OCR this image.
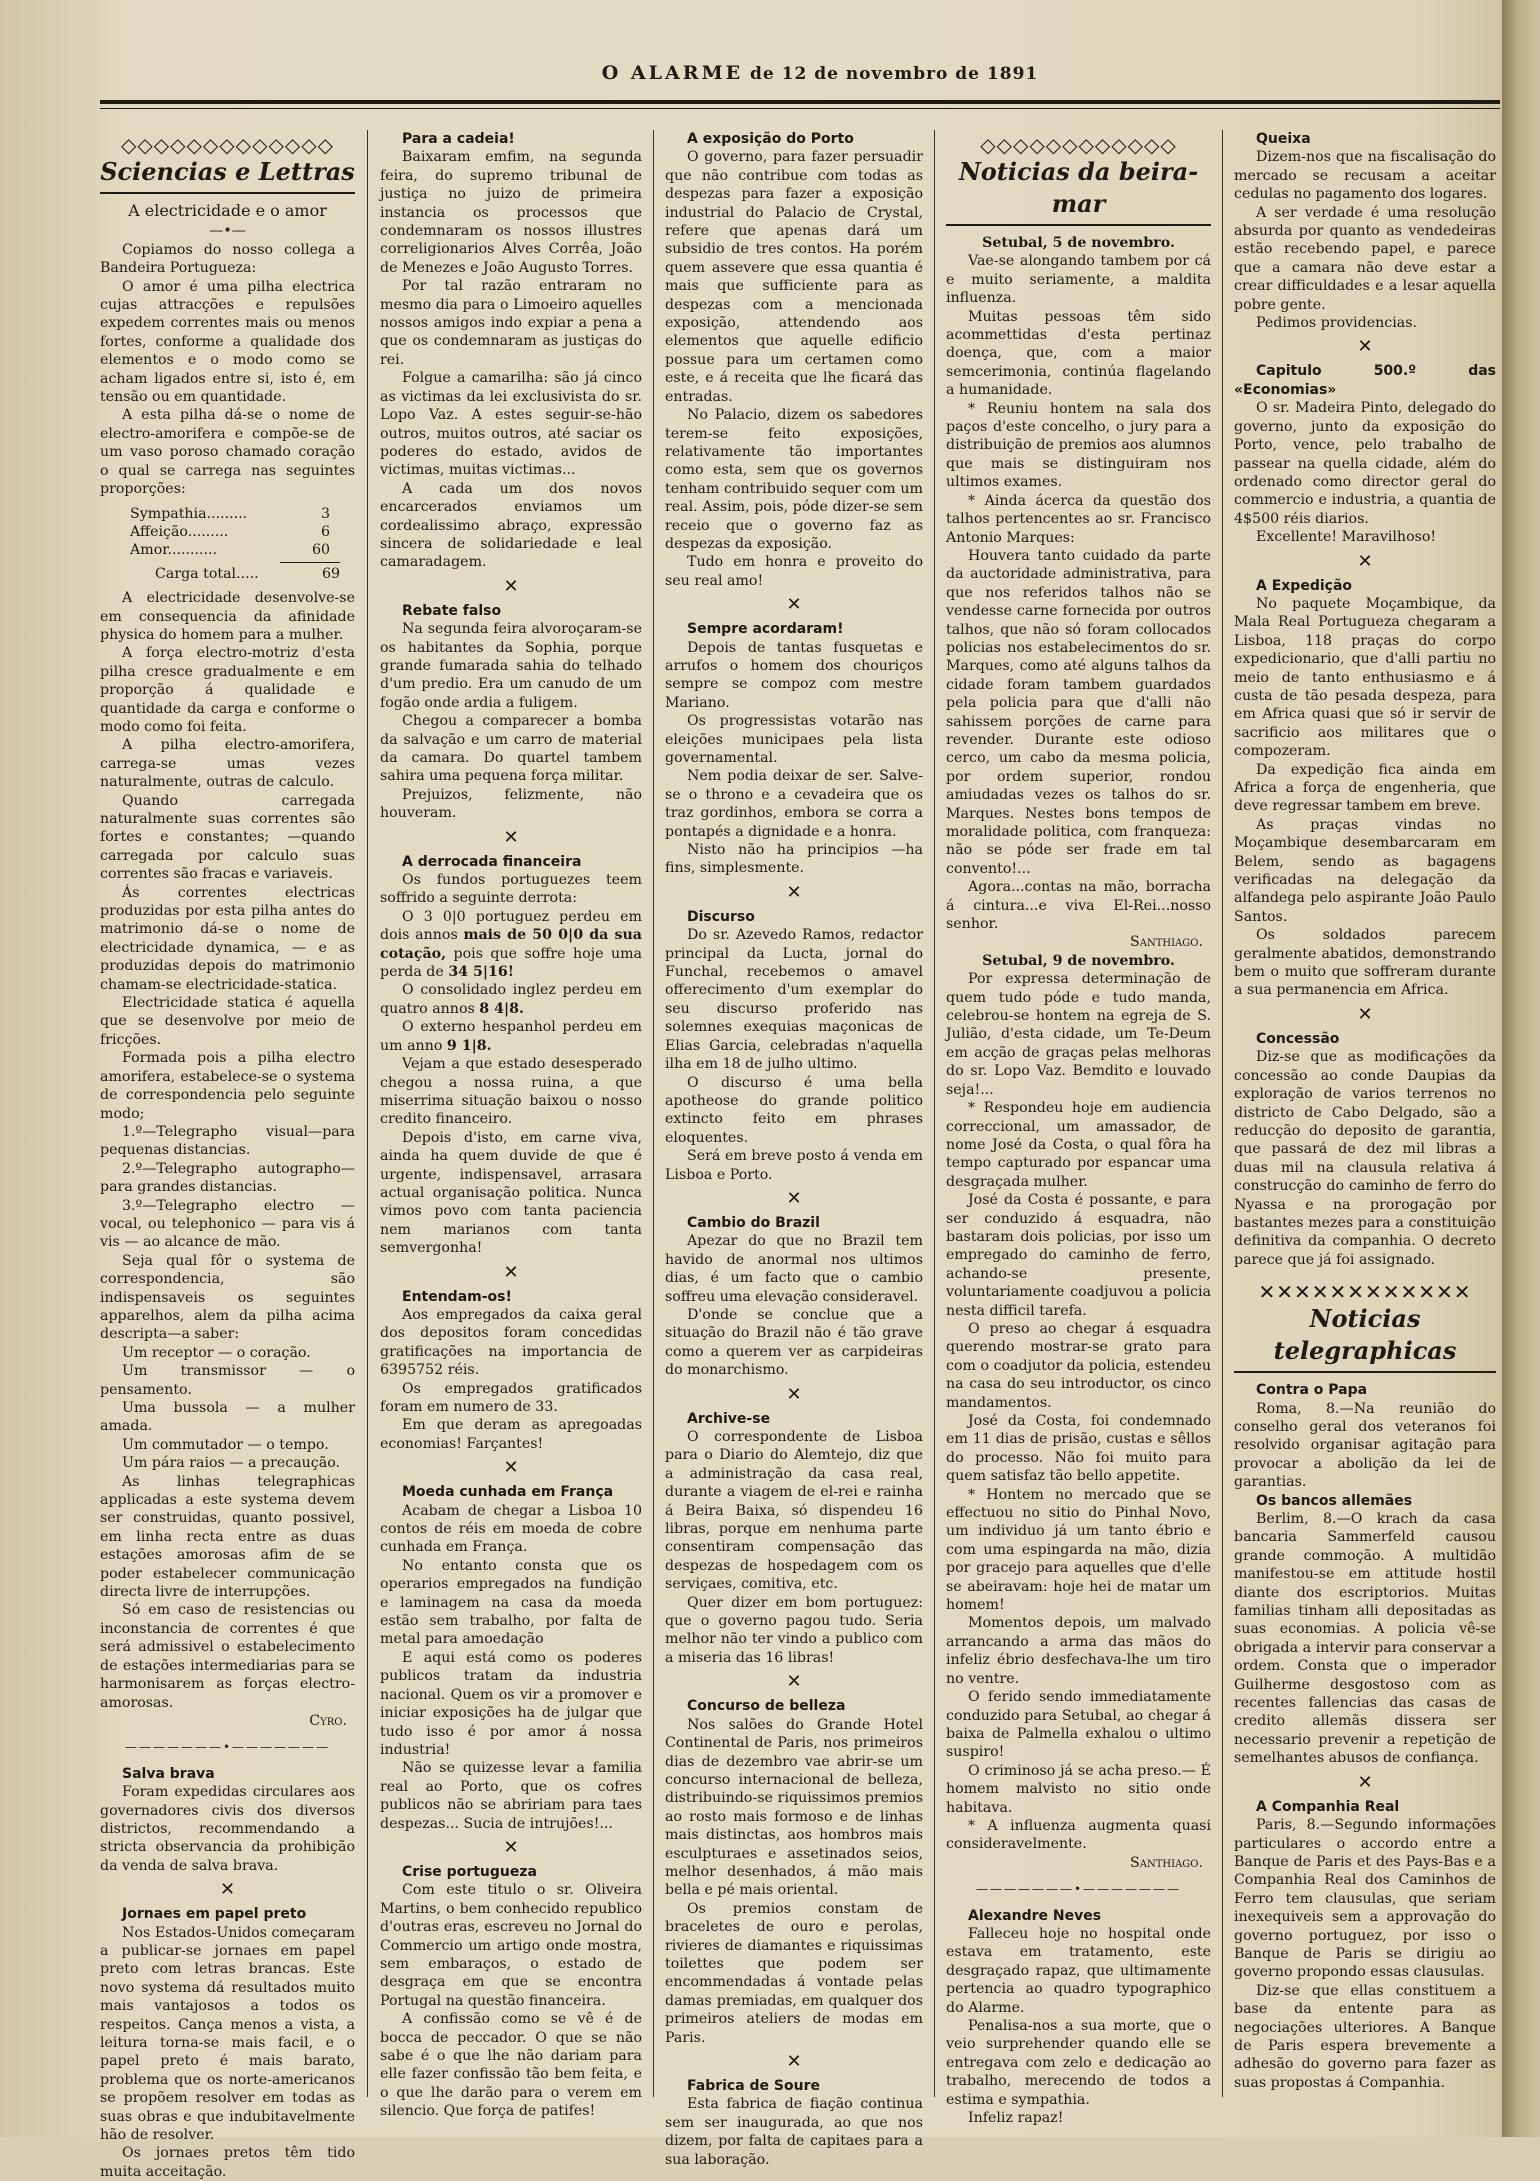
O ALARME de 12 de novembro de 1891
◇◇◇◇◇◇◇◇◇◇◇◇◇
Sciencias e Lettras
A electricidade e o amor
—•—

Copiamos do nosso collega a Bandeira Portugueza:

O amor é uma pilha electrica cujas attracções e repulsões expedem correntes mais ou menos fortes, conforme a qualidade dos elementos e o modo como se acham ligados entre si, isto é, em tensão ou em quantidade.

A esta pilha dá-se o nome de electro-amorifera e compõe-se de um vaso poroso chamado coração o qual se carrega nas seguintes proporções:

Sympathia.........	3
Affeição.........	6
Amor...........	60
Carga total.....	69

A electricidade desenvolve-se em consequencia da afinidade physica do homem para a mulher.

A força electro-motriz d'esta pilha cresce gradualmente e em proporção á qualidade e quantidade da carga e conforme o modo como foi feita.

A pilha electro-amorifera, carrega-se umas vezes naturalmente, outras de calculo.

Quando carregada naturalmente suas correntes são fortes e constantes; —quando carregada por calculo suas correntes são fracas e variaveis.

Ás correntes electricas produzidas por esta pilha antes do matrimonio dá-se o nome de electricidade dynamica, — e as produzidas depois do matrimonio chamam-se electricidade-statica.

Electricidade statica é aquella que se desenvolve por meio de fricções.

Formada pois a pilha electro amorifera, estabelece-se o systema de correspondencia pelo seguinte modo;

1.º—Telegrapho visual—para pequenas distancias.

2.º—Telegrapho autographo—para grandes distancias.

3.º—Telegrapho electro — vocal, ou telephonico — para vis á vis — ao alcance de mão.

Seja qual fôr o systema de correspondencia, são indispensaveis os seguintes apparelhos, alem da pilha acima descripta—a saber:

Um receptor — o coração.

Um transmissor — o pensamento.

Uma bussola — a mulher amada.

Um commutador — o tempo.

Um pára raios — a precaução.

As linhas telegraphicas applicadas a este systema devem ser construidas, quanto possivel, em linha recta entre as duas estações amorosas afim de se poder estabelecer communicação directa livre de interrupções.

Só em caso de resistencias ou inconstancia de correntes é que será admissivel o estabelecimento de estações intermediarias para se harmonisarem as forças electro-amorosas.

Cyro.

———————•———————

Salva brava

Foram expedidas circulares aos governadores civis dos diversos districtos, recommendando a stricta observancia da prohibição da venda de salva brava.

✕

Jornaes em papel preto

Nos Estados-Unidos começaram a publicar-se jornaes em papel preto com letras brancas. Este novo systema dá resultados muito mais vantajosos a todos os respeitos. Cança menos a vista, a leitura torna-se mais facil, e o papel preto é mais barato, problema que os norte-americanos se propõem resolver em todas as suas obras e que indubitavelmente hão de resolver.

Os jornaes pretos têm tido muita acceitação.

Para a cadeia!

Baixaram emfim, na segunda feira, do supremo tribunal de justiça no juizo de primeira instancia os processos que condemnaram os nossos illustres correligionarios Alves Corrêa, João de Menezes e João Augusto Torres.

Por tal razão entraram no mesmo dia para o Limoeiro aquelles nossos amigos indo expiar a pena a que os condemnaram as justiças do rei.

Folgue a camarilha: são já cinco as victimas da lei exclusivista do sr. Lopo Vaz. A estes seguir-se-hão outros, muitos outros, até saciar os poderes do estado, avidos de victimas, muitas victimas...

A cada um dos novos encarcerados enviamos um cordealissimo abraço, expressão sincera de solidariedade e leal camaradagem.

✕

Rebate falso

Na segunda feira alvoroçaram-se os habitantes da Sophia, porque grande fumarada sahia do telhado d'um predio. Era um canudo de um fogão onde ardia a fuligem.

Chegou a comparecer a bomba da salvação e um carro de material da camara. Do quartel tambem sahira uma pequena força militar.

Prejuizos, felizmente, não houveram.

✕

A derrocada financeira

Os fundos portuguezes teem soffrido a seguinte derrota:

O 3 0|0 portuguez perdeu em dois annos mais de 50 0|0 da sua cotação, pois que soffre hoje uma perda de 34 5|16!

O consolidado inglez perdeu em quatro annos 8 4|8.

O externo hespanhol perdeu em um anno 9 1|8.

Vejam a que estado desesperado chegou a nossa ruina, a que miserrima situação baixou o nosso credito financeiro.

Depois d'isto, em carne viva, ainda ha quem duvide de que é urgente, indispensavel, arrasara actual organisação politica. Nunca vimos povo com tanta paciencia nem marianos com tanta semvergonha!

✕

Entendam-os!

Aos empregados da caixa geral dos depositos foram concedidas gratificações na importancia de 6395752 réis.

Os empregados gratificados foram em numero de 33.

Em que deram as apregoadas economias! Farçantes!

✕

Moeda cunhada em França

Acabam de chegar a Lisboa 10 contos de réis em moeda de cobre cunhada em França.

No entanto consta que os operarios empregados na fundição e laminagem na casa da moeda estão sem trabalho, por falta de metal para amoedação

E aqui está como os poderes publicos tratam da industria nacional. Quem os vir a promover e iniciar exposições ha de julgar que tudo isso é por amor á nossa industria!

Não se quizesse levar a familia real ao Porto, que os cofres publicos não se abririam para taes despezas... Sucia de intrujões!...

✕

Crise portugueza

Com este titulo o sr. Oliveira Martins, o bem conhecido republico d'outras eras, escreveu no Jornal do Commercio um artigo onde mostra, sem embaraços, o estado de desgraça em que se encontra Portugal na questão financeira.

A confissão como se vê é de bocca de peccador. O que se não sabe é o que lhe não dariam para elle fazer confissão tão bem feita, e o que lhe darão para o verem em silencio. Que força de patifes!

A exposição do Porto

O governo, para fazer persuadir que não contribue com todas as despezas para fazer a exposição industrial do Palacio de Crystal, refere que apenas dará um subsidio de tres contos. Ha porém quem assevere que essa quantia é mais que sufficiente para as despezas com a mencionada exposição, attendendo aos elementos que aquelle edificio possue para um certamen como este, e á receita que lhe ficará das entradas.

No Palacio, dizem os sabedores terem-se feito exposições, relativamente tão importantes como esta, sem que os governos tenham contribuido sequer com um real. Assim, pois, póde dizer-se sem receio que o governo faz as despezas da exposição.

Tudo em honra e proveito do seu real amo!

✕

Sempre acordaram!

Depois de tantas fusquetas e arrufos o homem dos chouriços sempre se compoz com mestre Mariano.

Os progressistas votarão nas eleições municipaes pela lista governamental.

Nem podia deixar de ser. Salve-se o throno e a cevadeira que os traz gordinhos, embora se corra a pontapés a dignidade e a honra.

Nisto não ha principios —ha fins, simplesmente.

✕

Discurso

Do sr. Azevedo Ramos, redactor principal da Lucta, jornal do Funchal, recebemos o amavel offerecimento d'um exemplar do seu discurso proferido nas solemnes exequias maçonicas de Elias Garcia, celebradas n'aquella ilha em 18 de julho ultimo.

O discurso é uma bella apotheose do grande politico extincto feito em phrases eloquentes.

Será em breve posto á venda em Lisboa e Porto.

✕

Cambio do Brazil

Apezar do que no Brazil tem havido de anormal nos ultimos dias, é um facto que o cambio soffreu uma elevação consideravel.

D'onde se conclue que a situação do Brazil não é tão grave como a querem ver as carpideiras do monarchismo.

✕

Archive-se

O correspondente de Lisboa para o Diario do Alemtejo, diz que a administração da casa real, durante a viagem de el-rei e rainha á Beira Baixa, só dispendeu 16 libras, porque em nenhuma parte consentiram compensação das despezas de hospedagem com os serviçaes, comitiva, etc.

Quer dizer em bom portuguez: que o governo pagou tudo. Seria melhor não ter vindo a publico com a miseria das 16 libras!

✕

Concurso de belleza

Nos salões do Grande Hotel Continental de Paris, nos primeiros dias de dezembro vae abrir-se um concurso internacional de belleza, distribuindo-se riquissimos premios ao rosto mais formoso e de linhas mais distinctas, aos hombros mais esculpturaes e assetinados seios, melhor desenhados, á mão mais bella e pé mais oriental.

Os premios constam de braceletes de ouro e perolas, rivieres de diamantes e riquissimas toilettes que podem ser encommendadas á vontade pelas damas premiadas, em qualquer dos primeiros ateliers de modas em Paris.

✕

Fabrica de Soure

Esta fabrica de fiação continua sem ser inaugurada, ao que nos dizem, por falta de capitaes para a sua laboração.

◇◇◇◇◇◇◇◇◇◇◇◇
Noticias da beira-mar

Setubal, 5 de novembro.

Vae-se alongando tambem por cá e muito seriamente, a maldita influenza.

Muitas pessoas têm sido acommettidas d'esta pertinaz doença, que, com a maior semcerimonia, continúa flagelando a humanidade.

* Reuniu hontem na sala dos paços d'este concelho, o jury para a distribuição de premios aos alumnos que mais se distinguiram nos ultimos exames.

* Ainda ácerca da questão dos talhos pertencentes ao sr. Francisco Antonio Marques:

Houvera tanto cuidado da parte da auctoridade administrativa, para que nos referidos talhos não se vendesse carne fornecida por outros talhos, que não só foram collocados policias nos estabelecimentos do sr. Marques, como até alguns talhos da cidade foram tambem guardados pela policia para que d'alli não sahissem porções de carne para revender. Durante este odioso cerco, um cabo da mesma policia, por ordem superior, rondou amiudadas vezes os talhos do sr. Marques. Nestes bons tempos de moralidade politica, com franqueza: não se póde ser frade em tal convento!...

Agora...contas na mão, borracha á cintura...e viva El-Rei...nosso senhor.

Santhiago.

Setubal, 9 de novembro.

Por expressa determinação de quem tudo póde e tudo manda, celebrou-se hontem na egreja de S. Julião, d'esta cidade, um Te-Deum em acção de graças pelas melhoras do sr. Lopo Vaz. Bemdito e louvado seja!...

* Respondeu hoje em audiencia correccional, um amassador, de nome José da Costa, o qual fôra ha tempo capturado por espancar uma desgraçada mulher.

José da Costa é possante, e para ser conduzido á esquadra, não bastaram dois policias, por isso um empregado do caminho de ferro, achando-se presente, voluntariamente coadjuvou a policia nesta difficil tarefa.

O preso ao chegar á esquadra querendo mostrar-se grato para com o coadjutor da policia, estendeu na casa do seu introductor, os cinco mandamentos.

José da Costa, foi condemnado em 11 dias de prisão, custas e sêllos do processo. Não foi muito para quem satisfaz tão bello appetite.

* Hontem no mercado que se effectuou no sitio do Pinhal Novo, um individuo já um tanto ébrio e com uma espingarda na mão, dizia por gracejo para aquelles que d'elle se abeiravam: hoje hei de matar um homem!

Momentos depois, um malvado arrancando a arma das mãos do infeliz ébrio desfechava-lhe um tiro no ventre.

O ferido sendo immediatamente conduzido para Setubal, ao chegar á baixa de Palmella exhalou o ultimo suspiro!

O criminoso já se acha preso.— É homem malvisto no sitio onde habitava.

* A influenza augmenta quasi consideravelmente.

Santhiago.

———————•———————

Alexandre Neves

Falleceu hoje no hospital onde estava em tratamento, este desgraçado rapaz, que ultimamente pertencia ao quadro typographico do Alarme.

Penalisa-nos a sua morte, que o veio surprehender quando elle se entregava com zelo e dedicação ao trabalho, merecendo de todos a estima e sympathia.

Infeliz rapaz!

Queixa

Dizem-nos que na fiscalisação do mercado se recusam a aceitar cedulas no pagamento dos logares.

A ser verdade é uma resolução absurda por quanto as vendedeiras estão recebendo papel, e parece que a camara não deve estar a crear difficuldades e a lesar aquella pobre gente.

Pedimos providencias.

✕

Capitulo 500.º das «Economias»

O sr. Madeira Pinto, delegado do governo, junto da exposição do Porto, vence, pelo trabalho de passear na quella cidade, além do ordenado como director geral do commercio e industria, a quantia de 4$500 réis diarios.

Excellente! Maravilhoso!

✕

A Expedição

No paquete Moçambique, da Mala Real Portugueza chegaram a Lisboa, 118 praças do corpo expedicionario, que d'alli partiu no meio de tanto enthusiasmo e á custa de tão pesada despeza, para em Africa quasi que só ir servir de sacrificio aos militares que o compozeram.

Da expedição fica ainda em Africa a força de engenheria, que deve regressar tambem em breve.

As praças vindas no Moçambique desembarcaram em Belem, sendo as bagagens verificadas na delegação da alfandega pelo aspirante João Paulo Santos.

Os soldados parecem geralmente abatidos, demonstrando bem o muito que soffreram durante a sua permanencia em Africa.

✕

Concessão

Diz-se que as modificações da concessão ao conde Daupias da exploração de varios terrenos no districto de Cabo Delgado, são a reducção do deposito de garantia, que passará de dez mil libras a duas mil na clausula relativa á construcção do caminho de ferro do Nyassa e na prorogação por bastantes mezes para a constituição definitiva da companhia. O decreto parece que já foi assignado.

✕✕✕✕✕✕✕✕✕✕✕✕
Noticias telegraphicas

Contra o Papa

Roma, 8.—Na reunião do conselho geral dos veteranos foi resolvido organisar agitação para provocar a abolição da lei de garantias.

Os bancos allemães

Berlim, 8.—O krach da casa bancaria Sammerfeld causou grande commoção. A multidão manifestou-se em attitude hostil diante dos escriptorios. Muitas familias tinham alli depositadas as suas economias. A policia vê-se obrigada a intervir para conservar a ordem. Consta que o imperador Guilherme desgostoso com as recentes fallencias das casas de credito allemãs dissera ser necessario prevenir a repetição de semelhantes abusos de confiança.

✕

A Companhia Real

Paris, 8.—Segundo informações particulares o accordo entre a Banque de Paris et des Pays-Bas e a Companhia Real dos Caminhos de Ferro tem clausulas, que seriam inexequiveis sem a approvação do governo portuguez, por isso o Banque de Paris se dirigiu ao governo propondo essas clausulas.

Diz-se que ellas constituem a base da entente para as negociações ulteriores. A Banque de Paris espera brevemente a adhesão do governo para fazer as suas propostas á Companhia.
